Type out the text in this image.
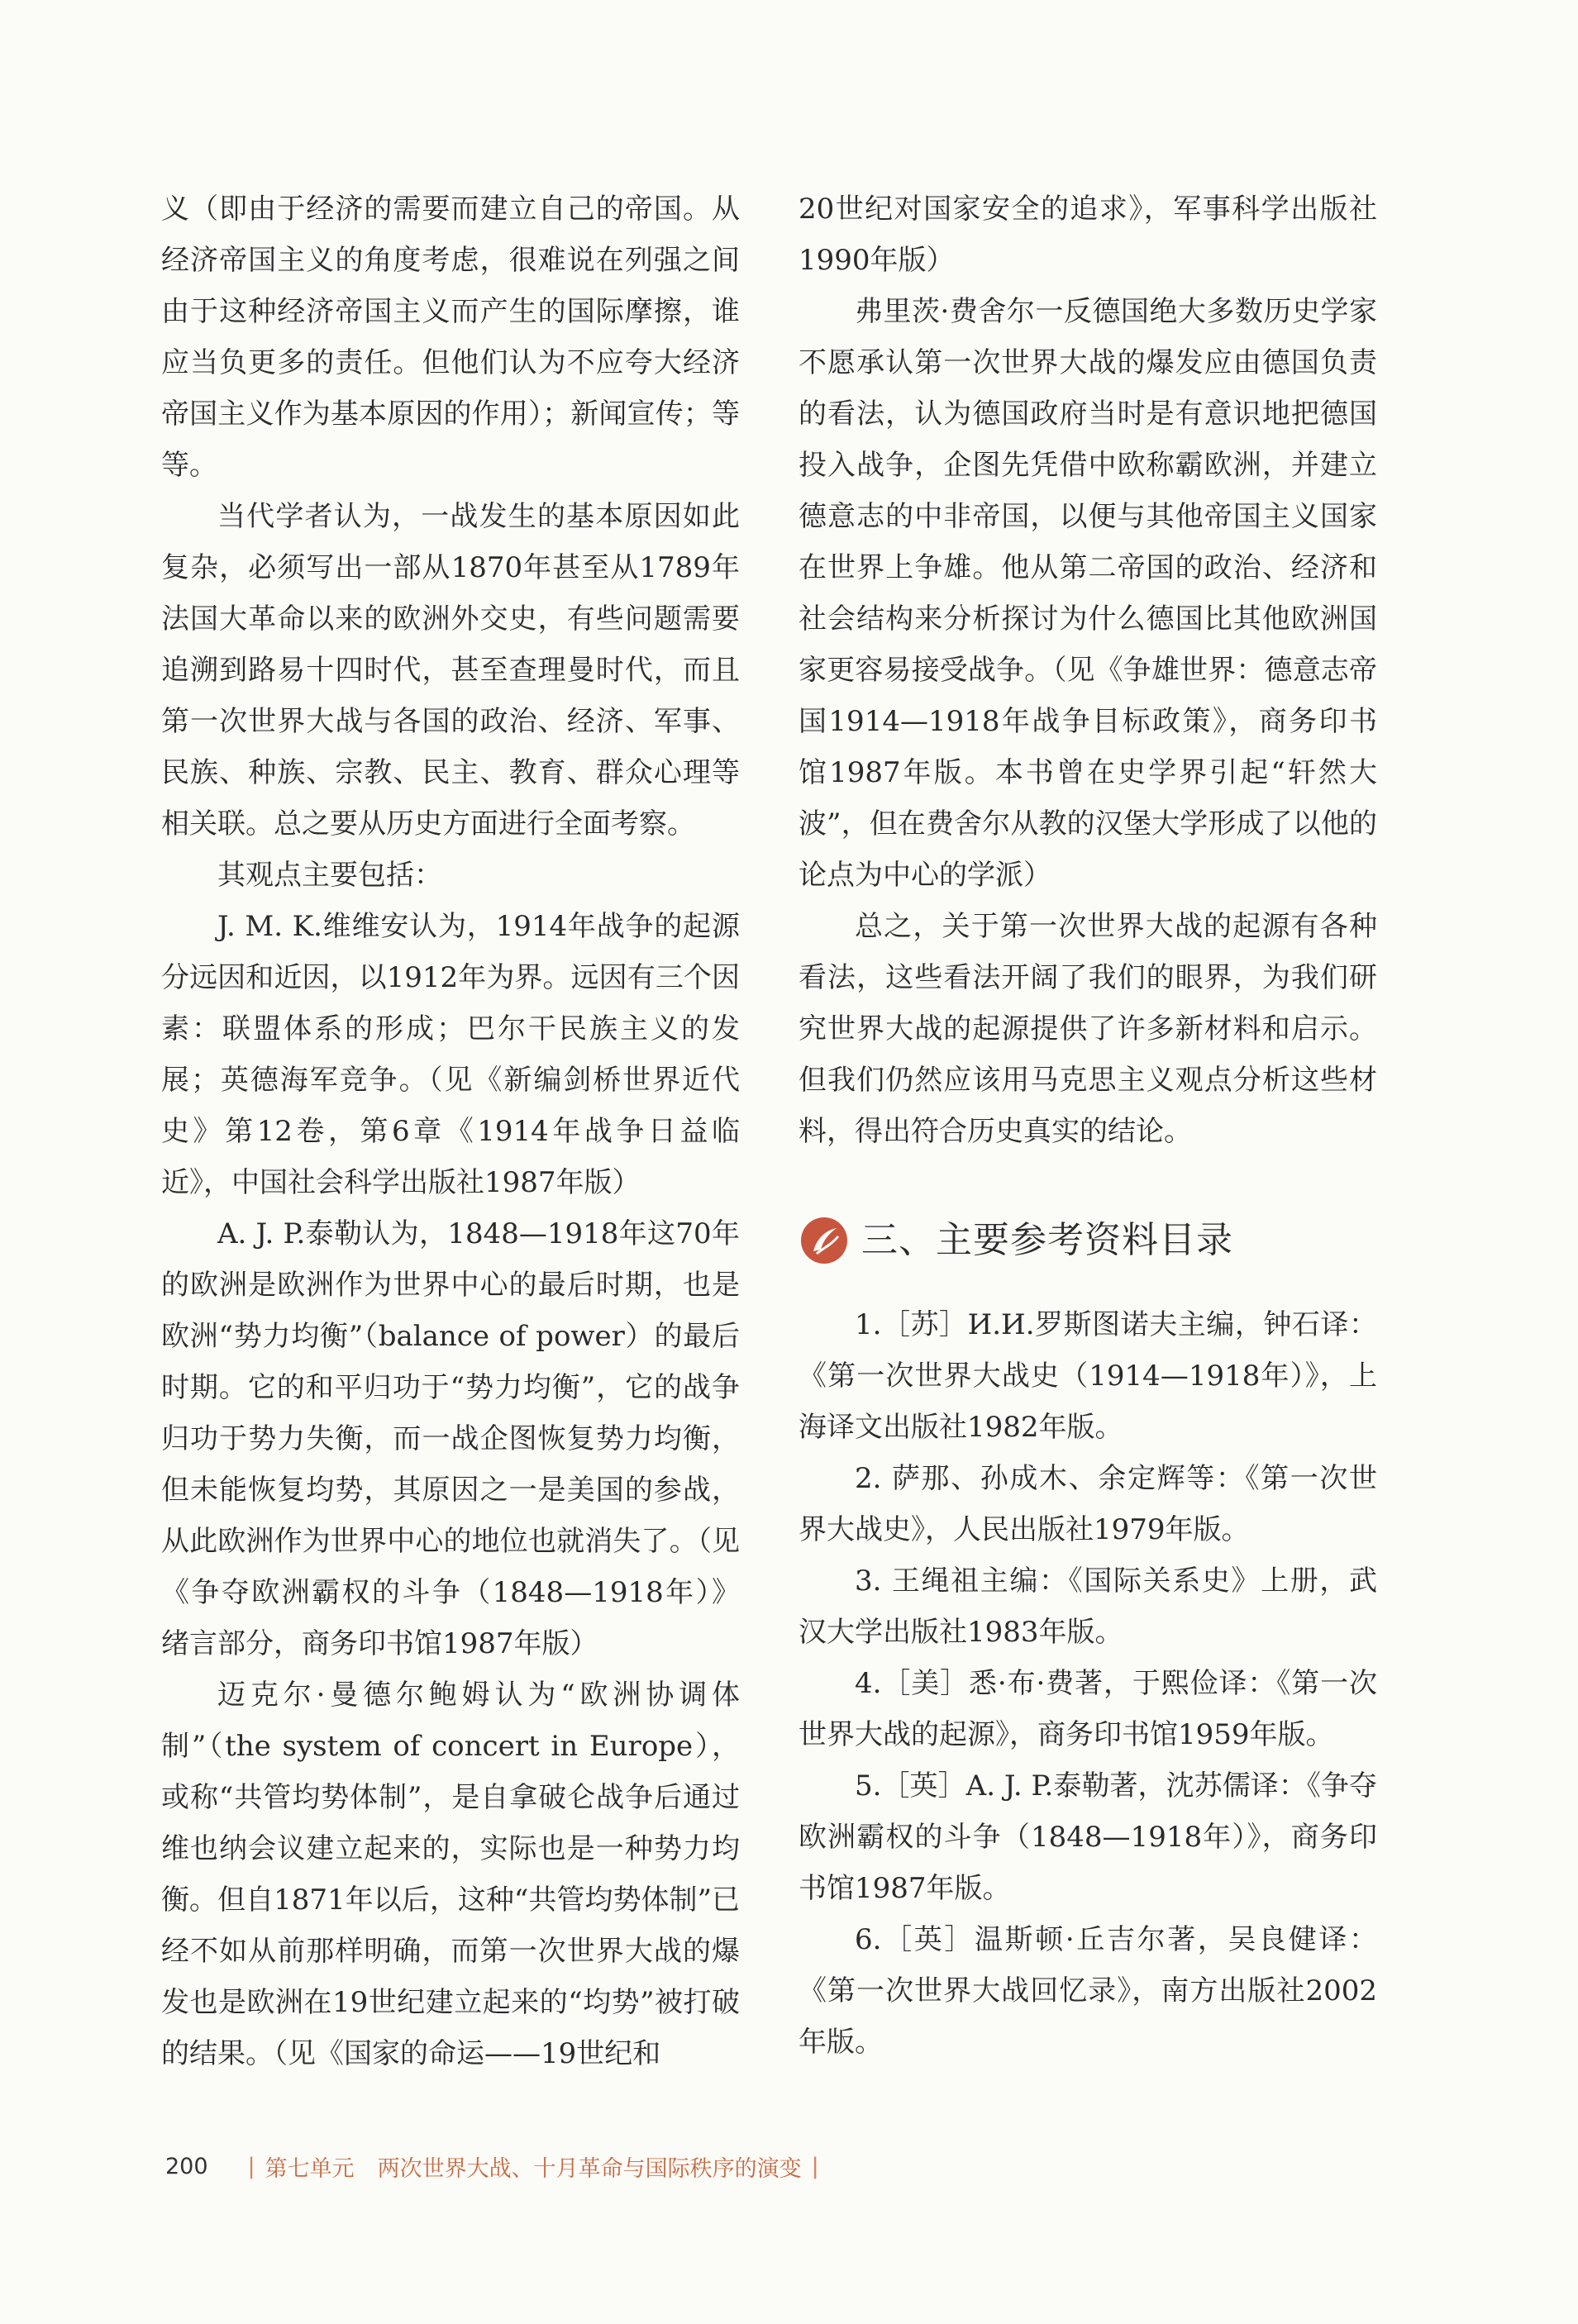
义（即由于经济的需要而建立自己的帝国。从经济帝国主义的角度考虑，很难说在列强之间由于这种经济帝国主义而产生的国际摩擦，谁应当负更多的责任。但他们认为不应夸大经济帝国主义作为基本原因的作用）；新闻宣传；等等。

当代学者认为，一战发生的基本原因如此复杂，必须写出一部从1870年甚至从1789年法国大革命以来的欧洲外交史，有些问题需要追溯到路易十四时代，甚至查理曼时代，而且第一次世界大战与各国的政治、经济、军事、民族、种族、宗教、民主、教育、群众心理等相关联。总之要从历史方面进行全面考察。

其观点主要包括：

J. M. K.维维安认为，1914年战争的起源分远因和近因，以1912年为界。远因有三个因素：联盟体系的形成；巴尔干民族主义的发展；英德海军竞争。（见《新编剑桥世界近代史》第12卷，第6章《1914年战争日益临近》，中国社会科学出版社1987年版）

A. J. P.泰勒认为，1848—1918年这70年的欧洲是欧洲作为世界中心的最后时期，也是欧洲“势力均衡”（balance of power）的最后时期。它的和平归功于“势力均衡”，它的战争归功于势力失衡，而一战企图恢复势力均衡，但未能恢复均势，其原因之一是美国的参战，从此欧洲作为世界中心的地位也就消失了。（见《争夺欧洲霸权的斗争（1848—1918年）》绪言部分，商务印书馆1987年版）

迈克尔·曼德尔鲍姆认为“欧洲协调体制”（the system of concert in Europe），或称“共管均势体制”，是自拿破仑战争后通过维也纳会议建立起来的，实际也是一种势力均衡。但自1871年以后，这种“共管均势体制”已经不如从前那样明确，而第一次世界大战的爆发也是欧洲在19世纪建立起来的“均势”被打破的结果。（见《国家的命运——19世纪和

20世纪对国家安全的追求》，军事科学出版社1990年版）

弗里茨·费舍尔一反德国绝大多数历史学家不愿承认第一次世界大战的爆发应由德国负责的看法，认为德国政府当时是有意识地把德国投入战争，企图先凭借中欧称霸欧洲，并建立德意志的中非帝国，以便与其他帝国主义国家在世界上争雄。他从第二帝国的政治、经济和社会结构来分析探讨为什么德国比其他欧洲国家更容易接受战争。（见《争雄世界：德意志帝国1914—1918年战争目标政策》，商务印书馆1987年版。本书曾在史学界引起“轩然大波”，但在费舍尔从教的汉堡大学形成了以他的论点为中心的学派）

总之，关于第一次世界大战的起源有各种看法，这些看法开阔了我们的眼界，为我们研究世界大战的起源提供了许多新材料和启示。但我们仍然应该用马克思主义观点分析这些材料，得出符合历史真实的结论。

三、主要参考资料目录

1.［苏］И.И.罗斯图诺夫主编，钟石译：《第一次世界大战史（1914—1918年）》，上海译文出版社1982年版。

2. 萨那、孙成木、余定辉等：《第一次世界大战史》，人民出版社1979年版。

3. 王绳祖主编：《国际关系史》上册，武汉大学出版社1983年版。

4.［美］悉·布·费著，于熙俭译：《第一次世界大战的起源》，商务印书馆1959年版。

5.［英］A. J. P.泰勒著，沈苏儒译：《争夺欧洲霸权的斗争（1848—1918年）》，商务印书馆1987年版。

6.［英］温斯顿·丘吉尔著，吴良健译：《第一次世界大战回忆录》，南方出版社2002年版。

200 | 第七单元 两次世界大战、十月革命与国际秩序的演变 |
